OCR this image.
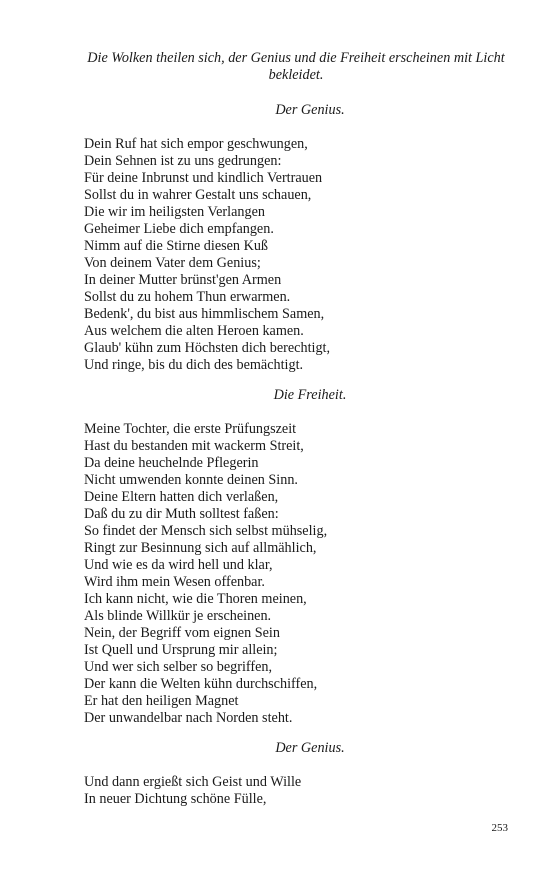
Die Wolken theilen sich, der Genius und die Freiheit erscheinen mit Licht bekleidet.

Der Genius.

Dein Ruf hat sich empor geschwungen,
Dein Sehnen ist zu uns gedrungen:
Für deine Inbrunst und kindlich Vertrauen
Sollst du in wahrer Gestalt uns schauen,
Die wir im heiligsten Verlangen
Geheimer Liebe dich empfangen.
Nimm auf die Stirne diesen Kuß
Von deinem Vater dem Genius;
In deiner Mutter brünst'gen Armen
Sollst du zu hohem Thun erwarmen.
Bedenk', du bist aus himmlischem Samen,
Aus welchem die alten Heroen kamen.
Glaub' kühn zum Höchsten dich berechtigt,
Und ringe, bis du dich des bemächtigt.

Die Freiheit.

Meine Tochter, die erste Prüfungszeit
Hast du bestanden mit wackerm Streit,
Da deine heuchelnde Pflegerin
Nicht umwenden konnte deinen Sinn.
Deine Eltern hatten dich verlaßen,
Daß du zu dir Muth solltest faßen:
So findet der Mensch sich selbst mühselig,
Ringt zur Besinnung sich auf allmählich,
Und wie es da wird hell und klar,
Wird ihm mein Wesen offenbar.
Ich kann nicht, wie die Thoren meinen,
Als blinde Willkür je erscheinen.
Nein, der Begriff vom eignen Sein
Ist Quell und Ursprung mir allein;
Und wer sich selber so begriffen,
Der kann die Welten kühn durchschiffen,
Er hat den heiligen Magnet
Der unwandelbar nach Norden steht.

Der Genius.

Und dann ergießt sich Geist und Wille
In neuer Dichtung schöne Fülle,

253
